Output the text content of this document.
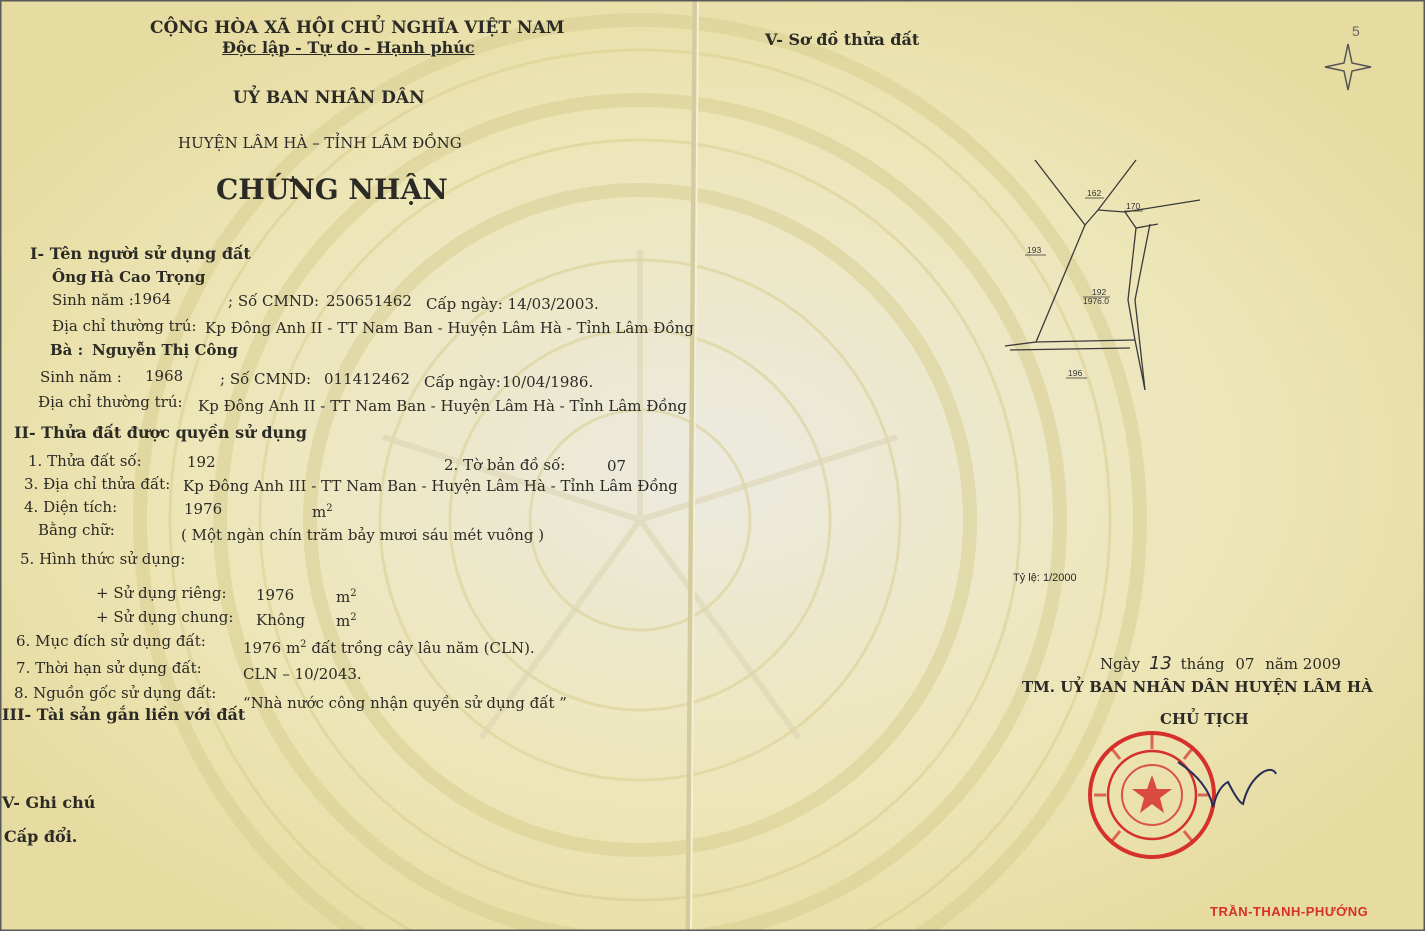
CỘNG HÒA XÃ HỘI CHỦ NGHĨA VIỆT NAM
Độc lập - Tự do - Hạnh phúc
UỶ BAN NHÂN DÂN
HUYỆN LÂM HÀ – TỈNH LÂM ĐỒNG
CHỨNG NHẬN
I- Tên người sử dụng đất
Ông :
Hà Cao Trọng
Sinh năm : 1964	; Số CMND: 250651462 Cấp ngày: 14/03/2003.
Địa chỉ thường trú: Kp Đông Anh II - TT Nam Ban - Huyện Lâm Hà - Tỉnh Lâm Đồng
Bà : Nguyễn Thị Công
Sinh năm : 1968 ; Số CMND: 011412462 Cấp ngày: 10/04/1986.
Địa chỉ thường trú: Kp Đông Anh II - TT Nam Ban - Huyện Lâm Hà - Tỉnh Lâm Đồng
II- Thửa đất được quyền sử dụng
1. Thửa đất số:	192	2. Tờ bản đồ số:	07
3. Địa chỉ thửa đất: Kp Đông Anh III - TT Nam Ban - Huyện Lâm Hà - Tỉnh Lâm Đồng
4. Diện tích:	1976	$m^2$
Bằng chữ:	( Một ngàn chín trăm bảy mươi sáu mét vuông )
5. Hình thức sử dụng:
+ Sử dụng riêng: 1976	$m^2$
+ Sử dụng chung: Không $m^2$
6. Mục đích sử dụng đất: 1976 $m^2$ đất trồng cây lâu năm (CLN).
7. Thời hạn sử dụng đất:	CLN – 10/2043.
8. Nguồn gốc sử dụng đất:
“Nhà nước công nhận quyền sử dụng đất ”
III- Tài sản gắn liền với đất
V- Ghi chú
Cấp đổi.
V- Sơ đồ thửa đất	5
162
170
193
192
1976.0
196
Tỷ lệ: 1/2000
Ngày 13 tháng 07 năm 2009
TM. UỶ BAN NHÂN DÂN HUYỆN LÂM HÀ
CHỦ TỊCH
TRẦN-THANH-PHƯỚNG
